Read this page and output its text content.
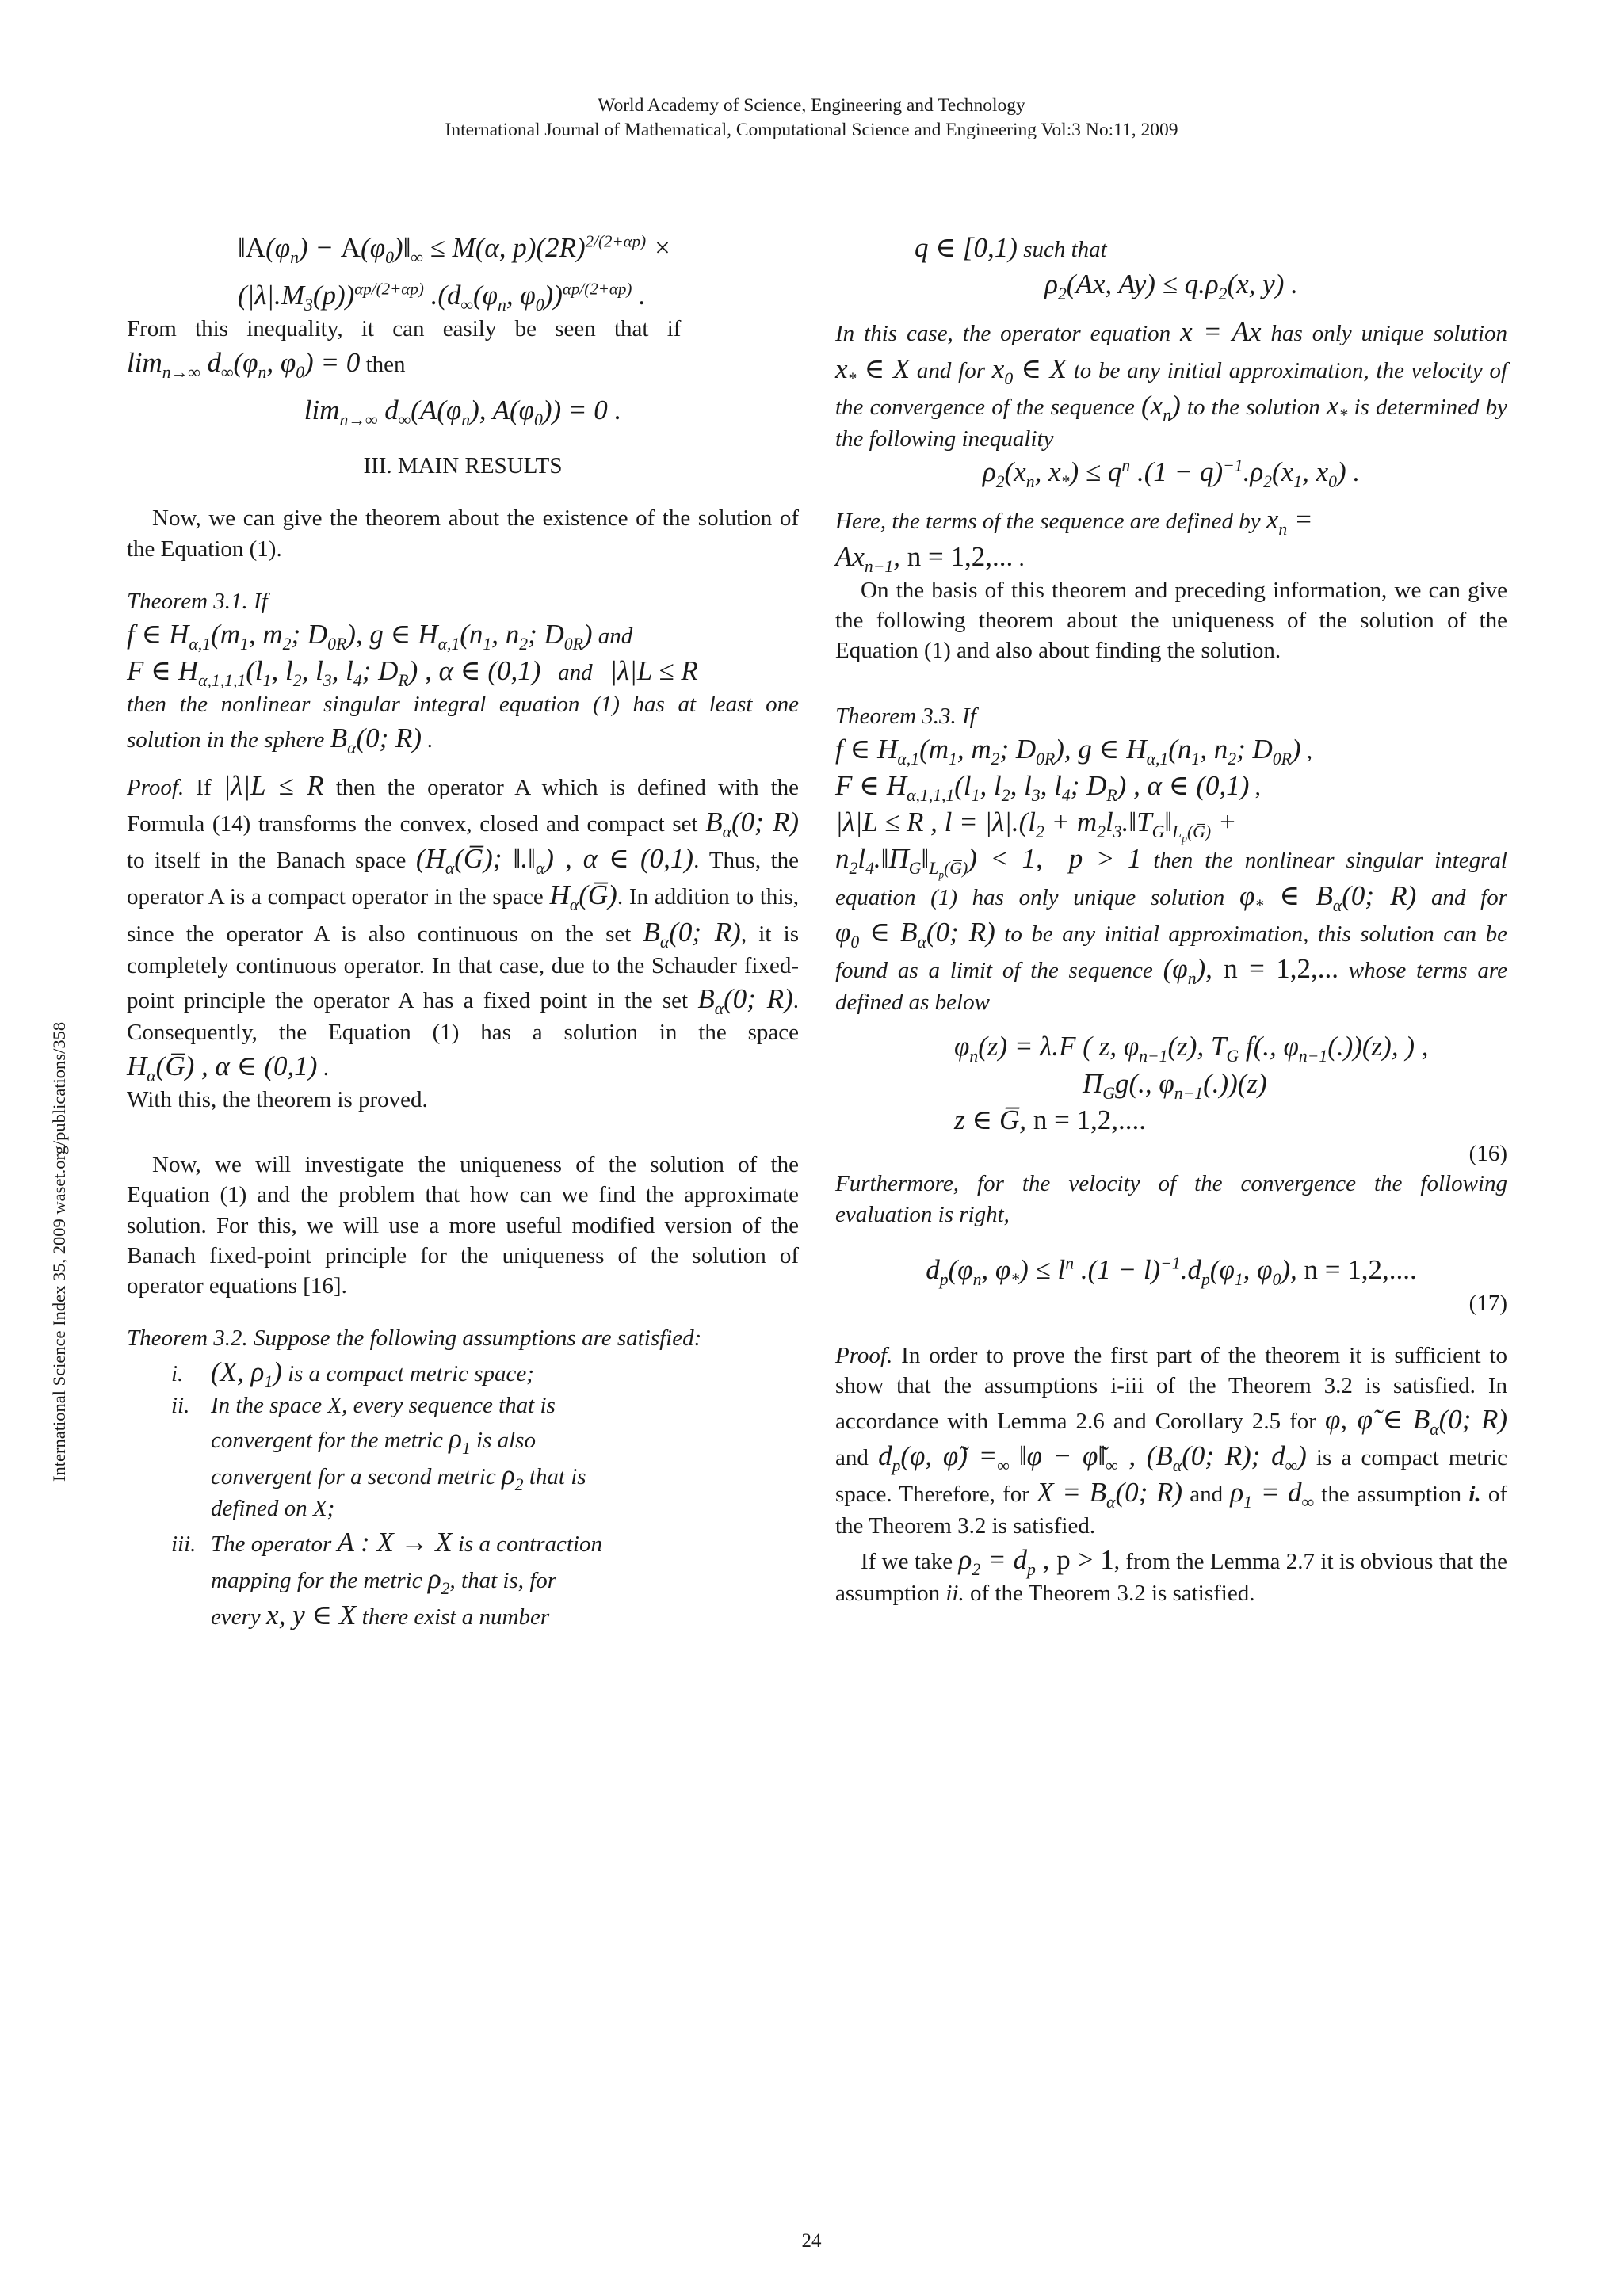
World Academy of Science, Engineering and Technology
International Journal of Mathematical, Computational Science and Engineering Vol:3 No:11, 2009
International Science Index 35, 2009 waset.org/publications/358
$‖A(\varphi_n)$ − $A(\varphi_0)‖_\infty \le M(\alpha$, $p)(2R)^{2/(2+\alpha p)}$ ×
$(|\lambda|.M_3(p))^{\alpha p/(2+\alpha p)}$ $.(d_\infty(\varphi_n$, $\varphi_0))^{\alpha p/(2+\alpha p)}$ .

From this inequality, it can easily be seen that if

$\lim_{n\to\infty} d_\infty(\varphi_n$, $\varphi_0) = 0$ then

$\lim_{n\to\infty} d_\infty(A(\varphi_n)$, $A(\varphi_0)) = 0$ .
III. MAIN RESULTS

Now, we can give the theorem about the existence of the solution of the Equation (1).

Theorem 3.1. If

f ∈ $H_{\alpha,1}(m_1$, $m_2$; $D_{0R}$), g ∈ $H_{\alpha,1}(n_1$, $n_2$; $D_{0R}$) and

F ∈ $H_{\alpha,1,1,1}(l_1$, $l_2$, $l_3$, $l_4$; $D_R$) , α ∈ (0,1)   and   |λ|L ≤ R

then the nonlinear singular integral equation (1) has at least one solution in the sphere $B_\alpha(0$; R) .

Proof. If |λ|L ≤ R then the operator A which is defined with the Formula (14) transforms the convex, closed and compact set $B_\alpha(0$; R) to itself in the Banach space ($H_\alpha(G̅)$; $‖.‖_\alpha$) , α ∈ (0,1). Thus, the operator A is a compact operator in the space $H_\alpha(G̅)$. In addition to this, since the operator A is also continuous on the set $B_\alpha(0$; R), it is completely continuous operator. In that case, due to the Schauder fixed-point principle the operator A has a fixed point in the set $B_\alpha(0$; R). Consequently, the Equation (1) has a solution in the space $H_\alpha(G̅)$ , α ∈ (0,1) .

With this, the theorem is proved.

Now, we will investigate the uniqueness of the solution of the Equation (1) and the problem that how can we find the approximate solution. For this, we will use a more useful modified version of the Banach fixed-point principle for the uniqueness of the solution of operator equations [16].

Theorem 3.2. Suppose the following assumptions are satisfied:

i. (X, $\rho_1$) is a compact metric space;
ii. In the space X, every sequence that is
convergent for the metric $\rho_1$ is also
convergent for a second metric $\rho_2$ that is
defined on X;
iii. The operator A : X → X is a contraction
mapping for the metric $\rho_2$, that is, for
every x, y ∈ X there exist a number

q ∈ [0,1) such that

$\rho_2(Ax$, $Ay) \le q.\rho_2(x$, y) .

In this case, the operator equation x = Ax has only unique solution $x_*$ ∈ X and for $x_0$ ∈ X to be any initial approximation, the velocity of the convergence of the sequence $(x_n)$ to the solution $x_*$ is determined by the following inequality

$\rho_2(x_n$, $x_*) \le q^n$ $.(1 - q)^{-1}.\rho_2(x_1$, $x_0$) .

Here, the terms of the sequence are defined by $x_n$ =

$Ax_{n-1}$, n = 1,2,... .

On the basis of this theorem and preceding information, we can give the following theorem about the uniqueness of the solution of the Equation (1) and also about finding the solution.

Theorem 3.3. If

f ∈ $H_{\alpha,1}(m_1$, $m_2$; $D_{0R}$), g ∈ $H_{\alpha,1}(n_1$, $n_2$; $D_{0R}$) ,

F ∈ $H_{\alpha,1,1,1}(l_1$, $l_2$, $l_3$, $l_4$; $D_R$) , α ∈ (0,1) ,

|λ|L ≤ R , $l = |\lambda|.(l_2$ + $m_2l_3.‖T_G‖_{L_p(G̅)}$ +

$n_2l_4.‖\Pi_G‖_{L_p(G̅)}) < 1$,  p > 1 then the nonlinear singular integral equation (1) has only unique solution $\varphi_*$ ∈ $B_\alpha(0$; R) and for $\varphi_0$ ∈ $B_\alpha(0$; R) to be any initial approximation, this solution can be found as a limit of the sequence $(\varphi_n)$, n = 1,2,... whose terms are defined as below

$\varphi_n(z) = \lambda.F$ ( z, $\varphi_{n-1}(z)$, $T_G$ f(., $\varphi_{n-1}(.))(z)$, ) ,
$\Pi_Gg$(., $\varphi_{n-1}(.))(z)$
z ∈ G̅, n = 1,2,....
(16)

Furthermore, for the velocity of the convergence the following evaluation is right,

$d_p(\varphi_n$, $\varphi_*) \le l^n$ $.(1 - l)^{-1}.d_p(\varphi_1$, $\varphi_0$), n = 1,2,....
(17)

Proof. In order to prove the first part of the theorem it is sufficient to show that the assumptions i-iii of the Theorem 3.2 is satisfied. In accordance with Lemma 2.6 and Corollary 2.5 for φ, φ̃ ∈ $B_\alpha(0$; R) and $d_p(\varphi$, φ̃) $=_\infty$ ‖φ − $\varphĩ‖_\infty$ , ($B_\alpha(0$; R); $d_\infty$) is a compact metric space. Therefore, for $X = B_\alpha(0$; R) and $\rho_1 = d_\infty$ the assumption i. of the Theorem 3.2 is satisfied.

If we take $\rho_2 = d_p$ , p > 1, from the Lemma 2.7 it is obvious that the assumption ii. of the Theorem 3.2 is satisfied.

24
